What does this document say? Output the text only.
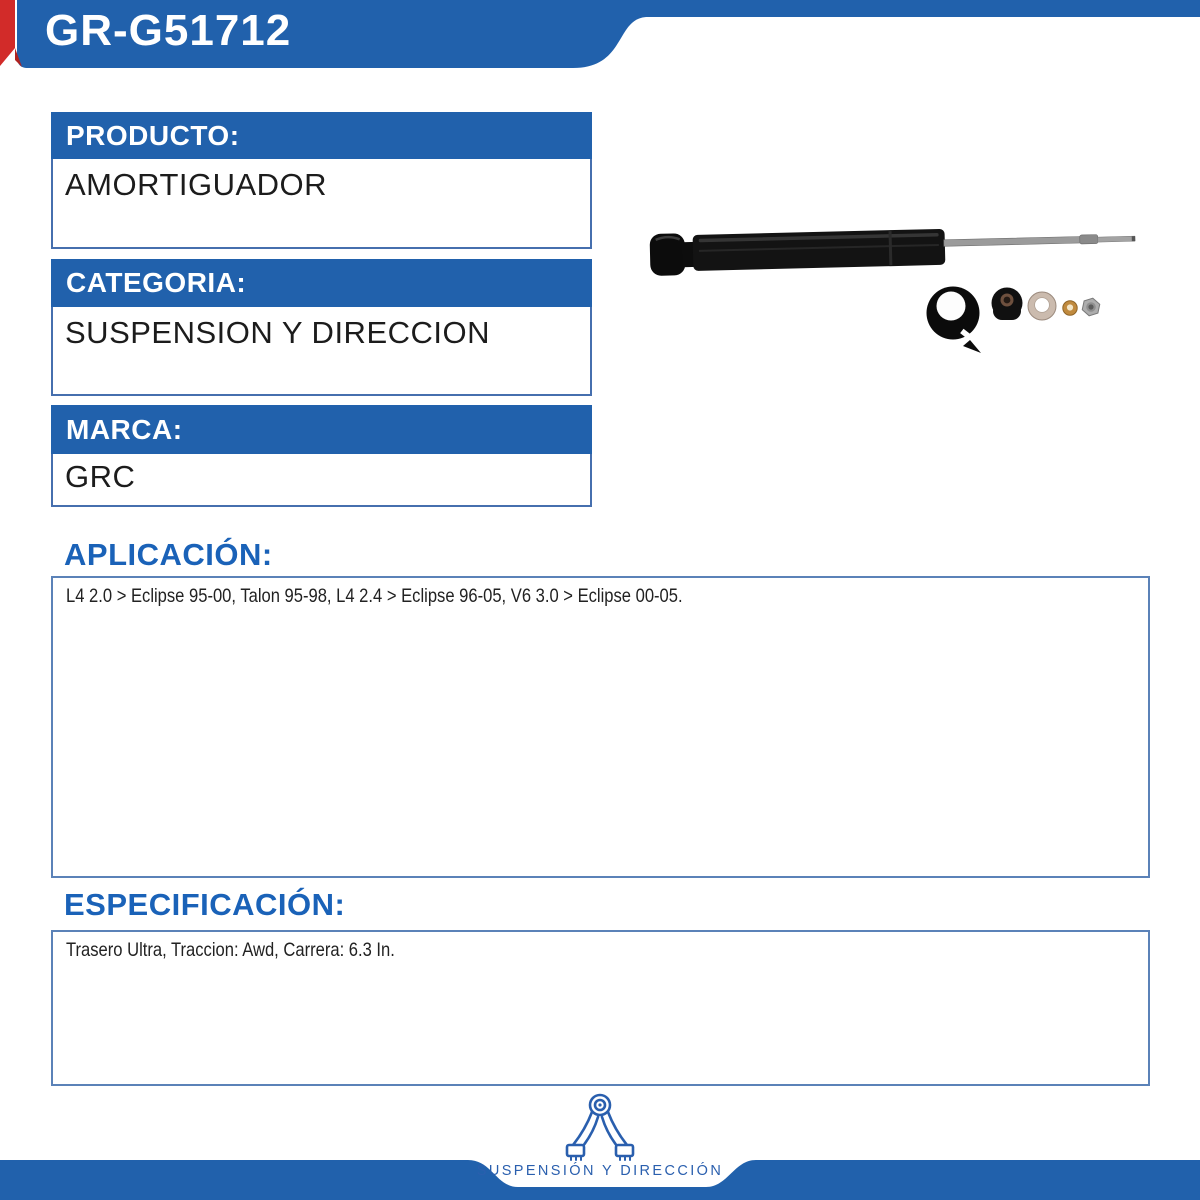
GR-G51712
PRODUCTO:
AMORTIGUADOR
CATEGORIA:
SUSPENSION Y DIRECCION
MARCA:
GRC
APLICACIÓN:
L4 2.0 > Eclipse 95-00, Talon 95-98, L4 2.4 > Eclipse 96-05, V6 3.0 > Eclipse 00-05.
ESPECIFICACIÓN:
Trasero Ultra, Traccion: Awd, Carrera: 6.3 In.
SUSPENSIÓN Y DIRECCIÓN
